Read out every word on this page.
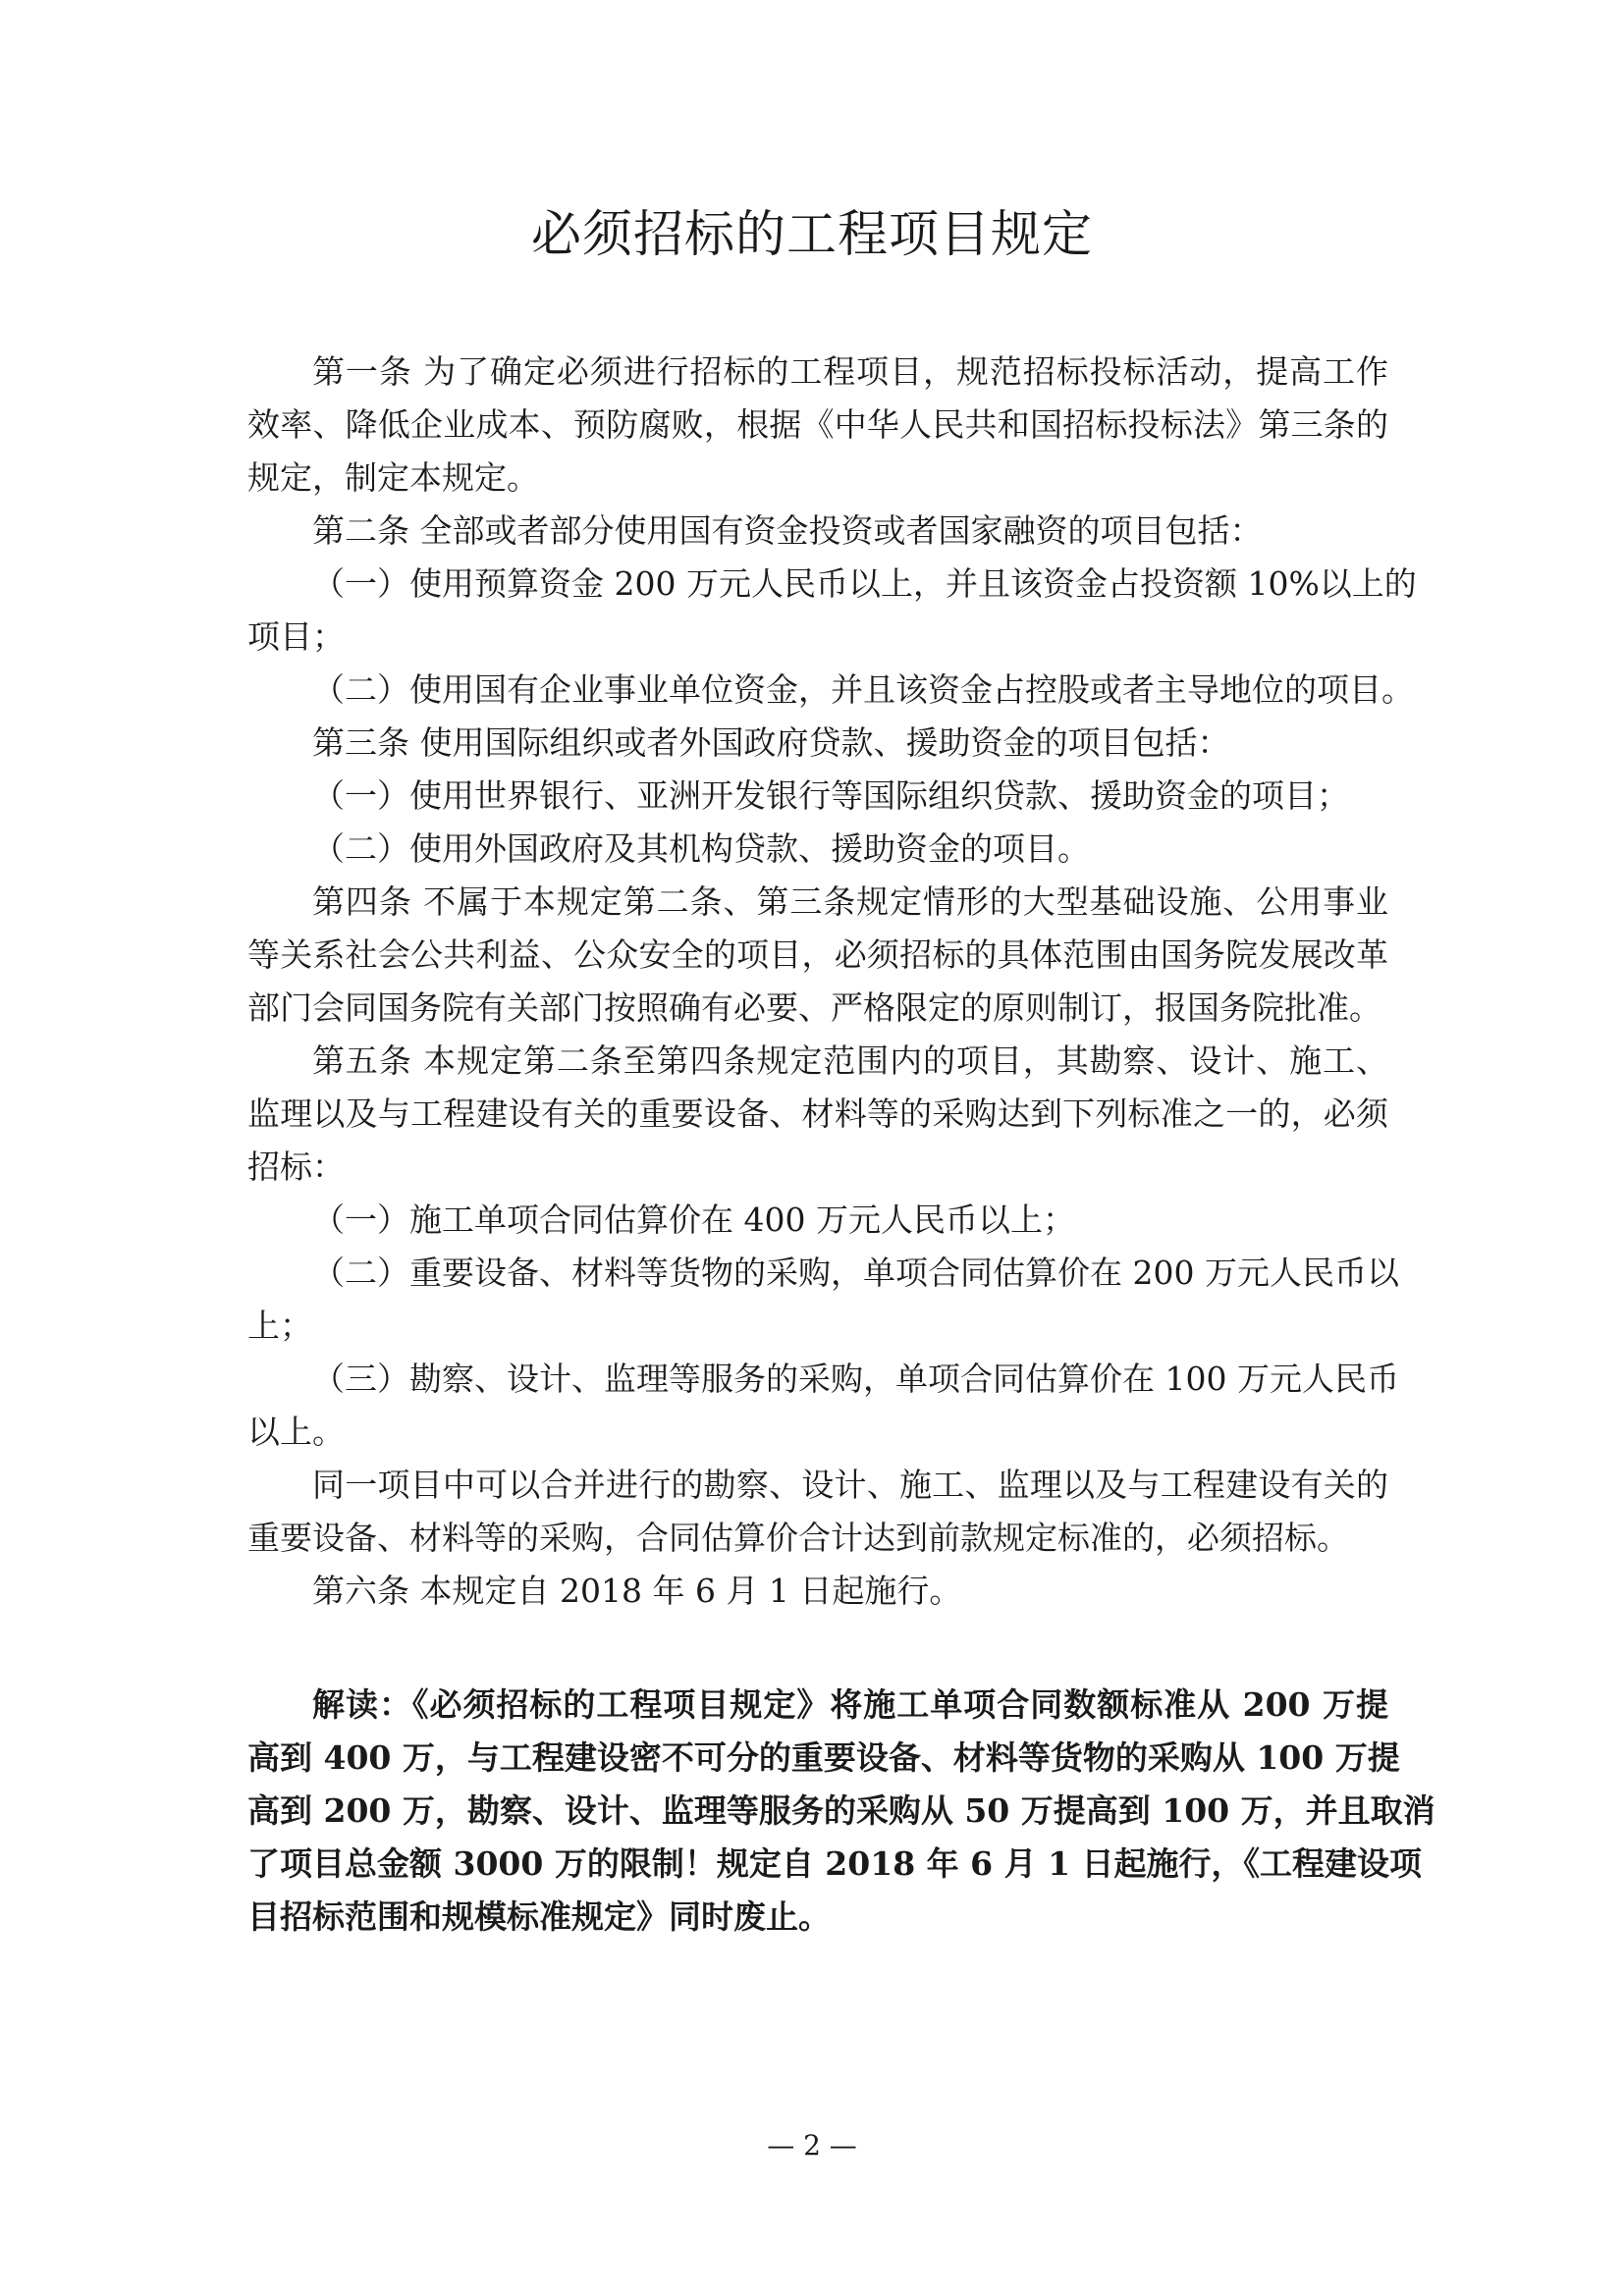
必须招标的工程项目规定
第一条 为了确定必须进行招标的工程项目，规范招标投标活动，提高工作
效率、降低企业成本、预防腐败，根据《中华人民共和国招标投标法》第三条的
规定，制定本规定。
第二条 全部或者部分使用国有资金投资或者国家融资的项目包括：
（一）使用预算资金 200 万元人民币以上，并且该资金占投资额 10%以上的
项目；
（二）使用国有企业事业单位资金，并且该资金占控股或者主导地位的项目。
第三条 使用国际组织或者外国政府贷款、援助资金的项目包括：
（一）使用世界银行、亚洲开发银行等国际组织贷款、援助资金的项目；
（二）使用外国政府及其机构贷款、援助资金的项目。
第四条 不属于本规定第二条、第三条规定情形的大型基础设施、公用事业
等关系社会公共利益、公众安全的项目，必须招标的具体范围由国务院发展改革
部门会同国务院有关部门按照确有必要、严格限定的原则制订，报国务院批准。
第五条 本规定第二条至第四条规定范围内的项目，其勘察、设计、施工、
监理以及与工程建设有关的重要设备、材料等的采购达到下列标准之一的，必须
招标：
（一）施工单项合同估算价在 400 万元人民币以上；
（二）重要设备、材料等货物的采购，单项合同估算价在 200 万元人民币以
上；
（三）勘察、设计、监理等服务的采购，单项合同估算价在 100 万元人民币
以上。
同一项目中可以合并进行的勘察、设计、施工、监理以及与工程建设有关的
重要设备、材料等的采购，合同估算价合计达到前款规定标准的，必须招标。
第六条 本规定自 2018 年 6 月 1 日起施行。
解读：《必须招标的工程项目规定》将施工单项合同数额标准从 200 万提
高到 400 万，与工程建设密不可分的重要设备、材料等货物的采购从 100 万提
高到 200 万，勘察、设计、监理等服务的采购从 50 万提高到 100 万，并且取消
了项目总金额 3000 万的限制！规定自 2018 年 6 月 1 日起施行，《工程建设项
目招标范围和规模标准规定》同时废止。
— 2 —
